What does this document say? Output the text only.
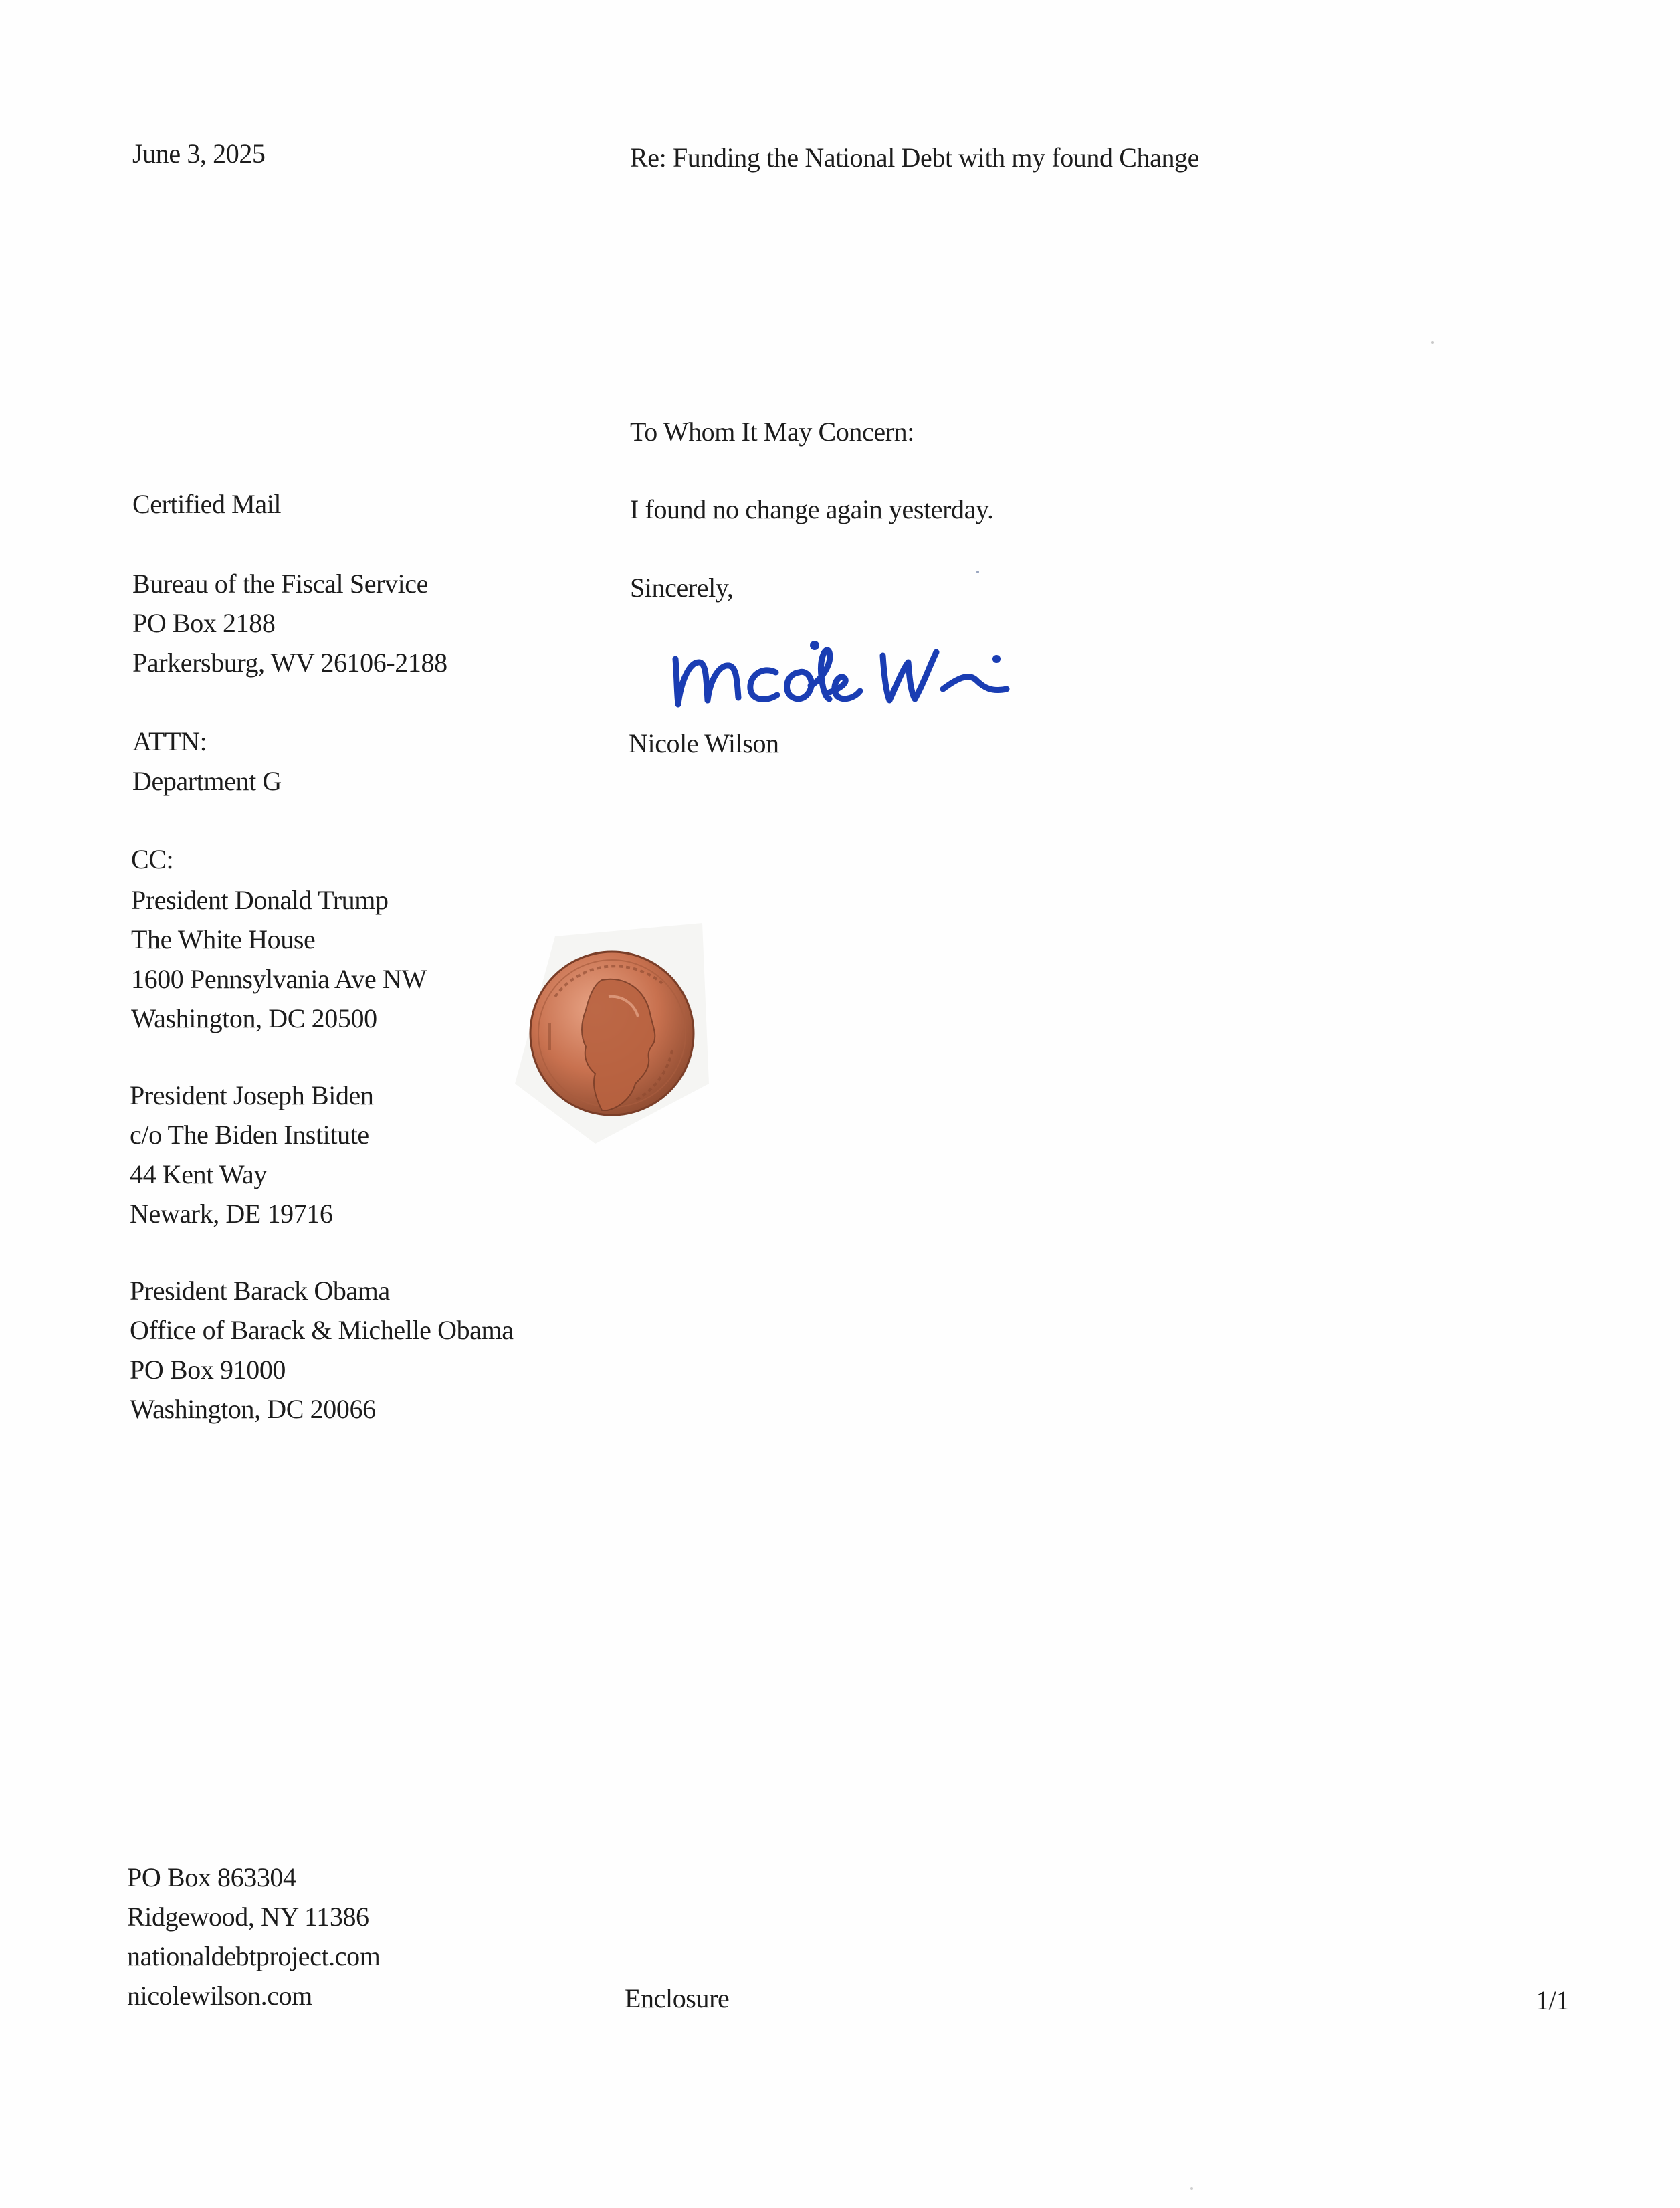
June 3, 2025	Re: Funding the National Debt with my found Change
To Whom It May Concern:
I found no change again yesterday.
Sincerely,
Nicole Wilson
Certified Mail
Bureau of the Fiscal Service
PO Box 2188
Parkersburg, WV 26106-2188
ATTN:
Department G
CC:
President Donald Trump
The White House
1600 Pennsylvania Ave NW
Washington, DC 20500
President Joseph Biden
c/o The Biden Institute
44 Kent Way
Newark, DE 19716
President Barack Obama
Office of Barack & Michelle Obama
PO Box 91000
Washington, DC 20066
PO Box 863304
Ridgewood, NY 11386
nationaldebtproject.com
nicolewilson.com	Enclosure	1/1
